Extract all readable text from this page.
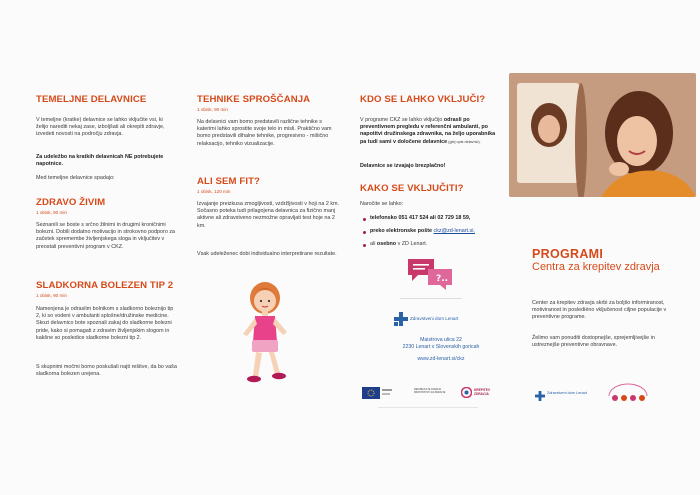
TEMELJNE DELAVNICE
V temeljne (kratke) delavnice se lahko vključite vsi, ki želijo narediti nekaj zase, izboljšati ali okrepiti zdravje, izvedeti novosti na področju zdravja.
Za udeležbo na kratkih delavnicah NE potrebujete napotnice.
Med temeljne delavnice spadajo:
ZDRAVO ŽIVIM
1 obisk, 90 min
Seznanili se boste s srčno žilnimi in drugimi kroničnimi bolezni. Dobili dodatno motivacijo in strokovno podporo za začetek spremembe življenjskega sloga in vključitev v preostali preventivni program v CKZ.
SLADKORNA BOLEZEN TIP 2
1 obisk, 90 min
Namenjena je odraslim bolnikom s sladkorno boleznijo tip 2, ki so vodeni v ambulanti splošne/družinske medicine. Skozi delavnico bote spoznali zakaj do sladkorne bolezni pride, kako si pomagati z zdravim življenjskim slogom in kakšne so posledice sladkorne bolezni tip 2.
S skupnimi močmi bomo poskušali najti rešitve, da bo vaša sladkorna bolezen urejena.
TEHNIKE SPROŠČANJA
1 obisk, 90 min
Na delavnici vam bomo predstavili različne tehnike s katerimi lahko sprostite svoje telo in misli. Praktično vam bomo predstavili dihalne tehnike, progresivno - mišično relaksacijo, tehniko vizualizacije.
ALI SEM FIT?
1 obisk, 120 min
Izvajanje preizkusa zmogljivosti, vzdržljivosti v hoji na 2 km. Sočasno poteka tudi prilagojena delavnica za fizično manj aktivne ali zdravstveno nezmožne opravljati test hoje na 2 km.
Vsak udeleženec dobi individualno interpretirane rezultate.
KDO SE LAHKO VKLJUČI?
V programe CKZ se lahko vključijo odrasli po preventivnem pregledu v referenčni ambulanti, po napotitvi družinskega zdravnika, na željo uporabnika pa tudi sami v določene delavnice (glej opis delavnic).
Delavnice se izvajajo brezplačno!
KAKO SE VKLJUČITI?
Naročite se lahko:
telefonsko 051 417 524 ali 02 729 18 59,
preko elektronske pošte ckz@zd-lenart.si,
ali osebno v ZD Lenart.
?..
Zdravstveni dom Lenart
Maistrova ulica 22
2230 Lenart v Slovenskih goricah
www.zd-lenart.si/ckz
REPUBLIKA SLOVENIJA MINISTRSTVO ZA ZDRAVJE
KREPITEV ZDRAVJA
PROGRAMI
Centra za krepitev zdravja
Center za krepitev zdravja skrbi za boljšo informiranost, motiviranost in poslediéno vključenost ciljne populacije v preventivne programe.
Želimo vam ponuditi dostopnejše, sprejemljivejše in ustreznejše preventivne obravnave.
Zdravstveni dom Lenart
